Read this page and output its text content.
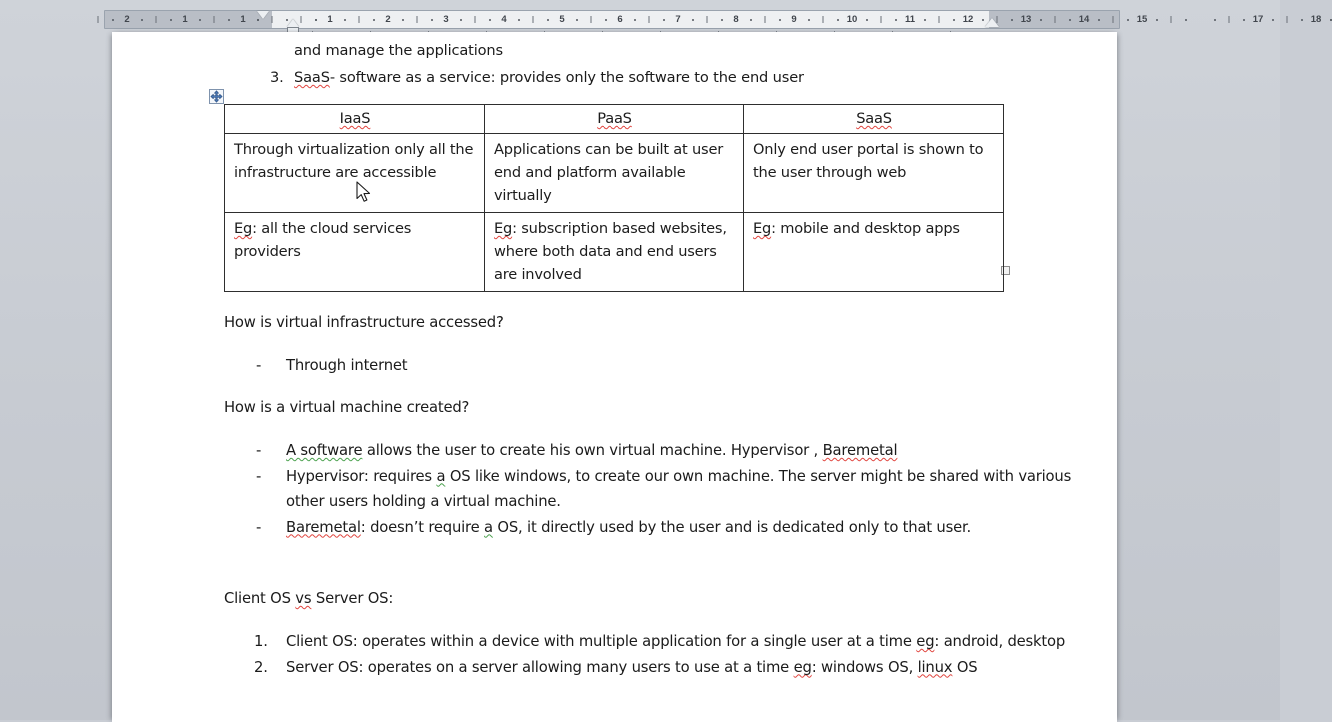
2	1	1	1	2	3	4	5	6	7	8	9	10	11	12	13	14	15	17	18
and manage the applications
3. SaaS- software as a service: provides only the software to the end user
IaaS	PaaS	SaaS
Through virtualization only all the infrastructure are accessible	Applications can be built at user end and platform available virtually	Only end user portal is shown to the user through web
Eg: all the cloud services providers	Eg: subscription based websites, where both data and end users are involved	Eg: mobile and desktop apps
How is virtual infrastructure accessed?
- Through internet
How is a virtual machine created?
- A software allows the user to create his own virtual machine. Hypervisor , Baremetal
- Hypervisor: requires a OS like windows, to create our own machine. The server might be shared with various other users holding a virtual machine.
- Baremetal: doesn’t require a OS, it directly used by the user and is dedicated only to that user.
Client OS vs Server OS:
1. Client OS: operates within a device with multiple application for a single user at a time eg: android, desktop
2. Server OS: operates on a server allowing many users to use at a time eg: windows OS, linux OS
